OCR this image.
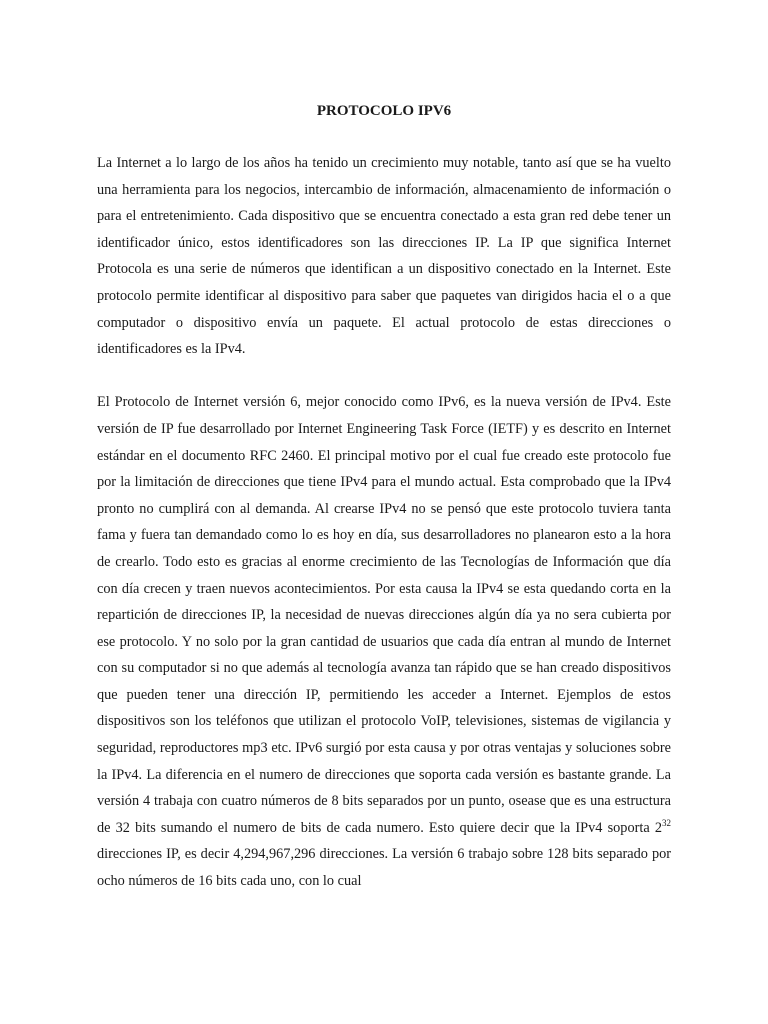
PROTOCOLO IPV6

La Internet a lo largo de los años ha tenido un crecimiento muy notable, tanto así que se ha vuelto una herramienta para los negocios, intercambio de información, almacenamiento de información o para el entretenimiento. Cada dispositivo que se encuentra conectado a esta gran red debe tener un identificador único, estos identificadores son las direcciones IP. La IP que significa Internet Protocola es una serie de números que identifican a un dispositivo conectado en la Internet. Este protocolo permite identificar al dispositivo para saber que paquetes van dirigidos hacia el o a que computador o dispositivo envía un paquete. El actual protocolo de estas direcciones o identificadores es la IPv4.

El Protocolo de Internet versión 6, mejor conocido como IPv6, es la nueva versión de IPv4. Este versión de IP fue desarrollado por Internet Engineering Task Force (IETF) y es descrito en Internet estándar en el documento RFC 2460. El principal motivo por el cual fue creado este protocolo fue por la limitación de direcciones que tiene IPv4 para el mundo actual. Esta comprobado que la IPv4 pronto no cumplirá con al demanda. Al crearse IPv4 no se pensó que este protocolo tuviera tanta fama y fuera tan demandado como lo es hoy en día, sus desarrolladores no planearon esto a la hora de crearlo. Todo esto es gracias al enorme crecimiento de las Tecnologías de Información que día con día crecen y traen nuevos acontecimientos. Por esta causa la IPv4 se esta quedando corta en la repartición de direcciones IP, la necesidad de nuevas direcciones algún día ya no sera cubierta por ese protocolo. Y no solo por la gran cantidad de usuarios que cada día entran al mundo de Internet con su computador si no que además al tecnología avanza tan rápido que se han creado dispositivos que pueden tener una dirección IP, permitiendo les acceder a Internet. Ejemplos de estos dispositivos son los teléfonos que utilizan el protocolo VoIP, televisiones, sistemas de vigilancia y seguridad, reproductores mp3 etc. IPv6 surgió por esta causa y por otras ventajas y soluciones sobre la IPv4. La diferencia en el numero de direcciones que soporta cada versión es bastante grande. La versión 4 trabaja con cuatro números de 8 bits separados por un punto, osease que es una estructura de 32 bits sumando el numero de bits de cada numero. Esto quiere decir que la IPv4 soporta $2^{32}$ direcciones IP, es decir 4,294,967,296 direcciones. La versión 6 trabajo sobre 128 bits separado por ocho números de 16 bits cada uno, con lo cual
